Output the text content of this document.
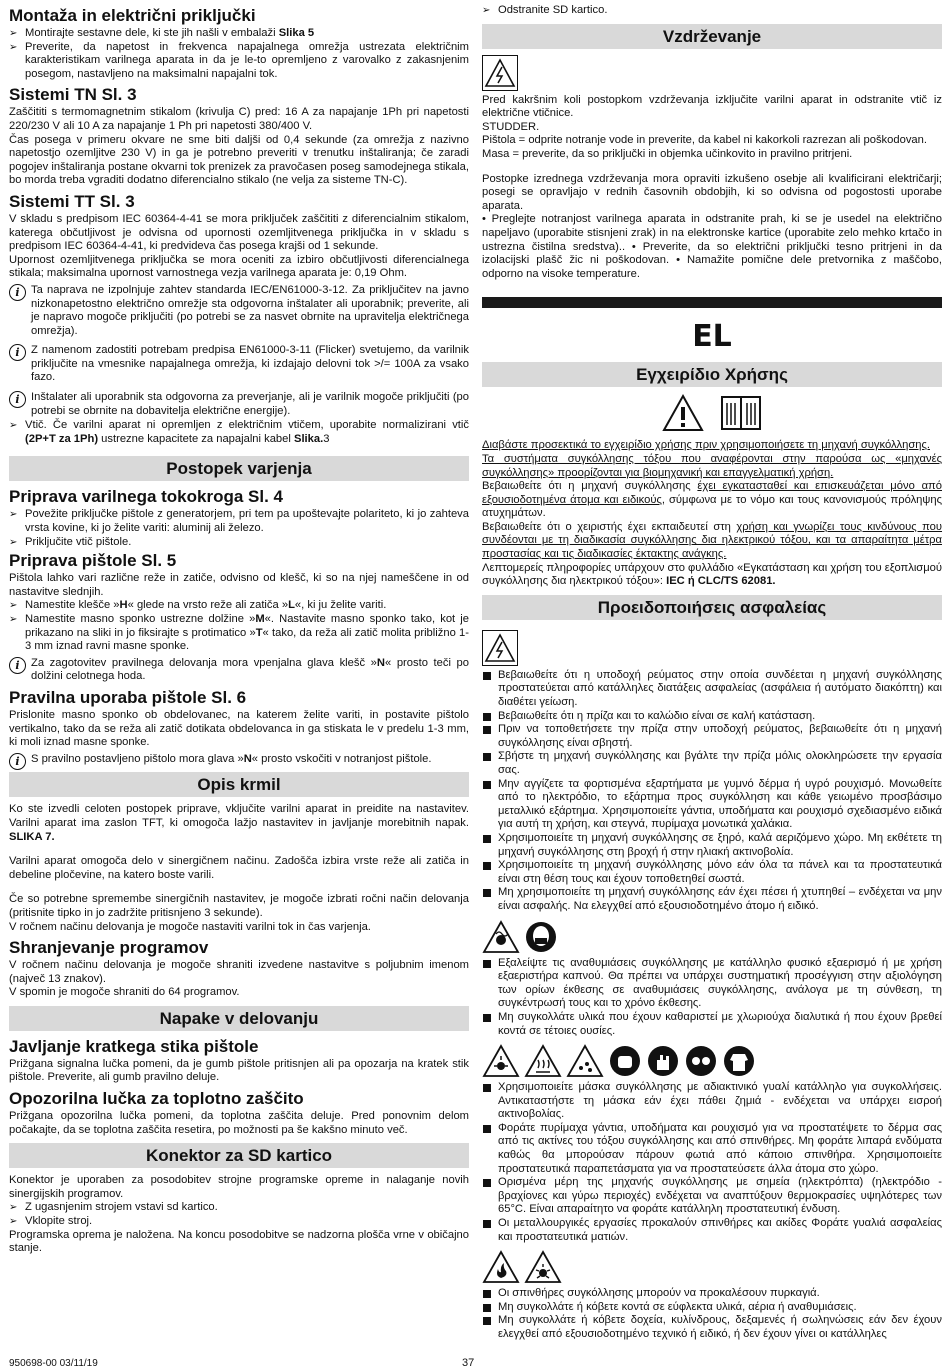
Montaža in električni priključki
➢ Montirajte sestavne dele, ki ste jih našli v embalaži Slika 5
➢ Preverite, da napetost in frekvenca napajalnega omrežja ustrezata električnim karakteristikam varilnega aparata in da je le-to opremljeno z varovalko z zakasnjenim posegom, nastavljeno na maksimalni napajalni tok.
Sistemi TN Sl. 3

Zaščititi s termomagnetnim stikalom (krivulja C) pred: 16 A za napajanje 1Ph pri napetosti 220/230 V ali 10 A za napajanje 1 Ph pri napetosti 380/400 V.

Čas posega v primeru okvare ne sme biti daljši od 0,4 sekunde (za omrežja z nazivno napetostjo ozemljitve 230 V) in ga je potrebno preveriti v trenutku inštaliranja; če zaradi pogojev inštaliranja postane okvarni tok prenizek za pravočasen poseg samodejnega stikala, bo morda treba vgraditi dodatno diferencialno stikalo (ne velja za sisteme TN-C).

Sistemi TT Sl. 3

V skladu s predpisom IEC 60364-4-41 se mora priključek zaščititi z diferencialnim stikalom, katerega občutljivost je odvisna od upornosti ozemljitvenega priključka in v skladu s predpisom IEC 60364-4-41, ki predvideva čas posega krajši od 1 sekunde.

Upornost ozemljitvenega priključka se mora oceniti za izbiro občutljivosti diferencialnega stikala; maksimalna upornost varnostnega vezja varilnega aparata je: 0,19 Ohm.

i	Ta naprava ne izpolnjuje zahtev standarda IEC/EN61000-3-12. Za priključitev na javno nizkonapetostno električno omrežje sta odgovorna inštalater ali uporabnik; preverite, ali je napravo mogoče priključiti (po potrebi se za nasvet obrnite na upravitelja električnega omrežja).
i	Z namenom zadostiti potrebam predpisa EN61000-3-11 (Flicker) svetujemo, da varilnik priključite na vmesnike napajalnega omrežja, ki izdajajo delovni tok >/= 100A za vsako fazo.
i	Inštalater ali uporabnik sta odgovorna za preverjanje, ali je varilnik mogoče priključiti (po potrebi se obrnite na dobavitelja električne energije).
➢ Vtič. Če varilni aparat ni opremljen z električnim vtičem, uporabite normalizirani vtič (2P+T za 1Ph) ustrezne kapacitete za napajalni kabel Slika.3
Postopek varjenja
Priprava varilnega tokokroga Sl. 4
➢ Povežite priključke pištole z generatorjem, pri tem pa upoštevajte polariteto, ki jo zahteva vrsta kovine, ki jo želite variti: aluminij ali železo.
➢ Priključite vtič pištole.
Priprava pištole Sl. 5

Pištola lahko vari različne reže in zatiče, odvisno od klešč, ki so na njej nameščene in od nastavitve slednjih.

➢ Namestite klešče »H« glede na vrsto reže ali zatiča »L«, ki ju želite variti.
➢ Namestite masno sponko ustrezne dolžine »M«. Nastavite masno sponko tako, kot je prikazano na sliki in jo fiksirajte s protimatico »T« tako, da reža ali zatič molita približno 1-3 mm iznad ravni masne sponke.
i	Za zagotovitev pravilnega delovanja mora vpenjalna glava klešč »N« prosto teči po dolžini celotnega hoda.
Pravilna uporaba pištole Sl. 6

Prislonite masno sponko ob obdelovanec, na katerem želite variti, in postavite pištolo vertikalno, tako da se reža ali zatič dotikata obdelovanca in ga stiskata le v predelu 1-3 mm, ki moli iznad masne sponke.

i	S pravilno postavljeno pištolo mora glava »N« prosto vskočiti v notranjost pištole.
Opis krmil

Ko ste izvedli celoten postopek priprave, vključite varilni aparat in preidite na nastavitev. Varilni aparat ima zaslon TFT, ki omogoča lažjo nastavitev in javljanje morebitnih napak. SLIKA 7.

Varilni aparat omogoča delo v sinergičnem načinu. Zadošča izbira vrste reže ali zatiča in debeline pločevine, na katero boste varili.

Če so potrebne spremembe sinergičnih nastavitev, je mogoče izbrati ročni način delovanja (pritisnite tipko in jo zadržite pritisnjeno 3 sekunde).

V ročnem načinu delovanja je mogoče nastaviti varilni tok in čas varjenja.

Shranjevanje programov

V ročnem načinu delovanja je mogoče shraniti izvedene nastavitve s poljubnim imenom (največ 13 znakov).

V spomin je mogoče shraniti do 64 programov.

Napake v delovanju
Javljanje kratkega stika pištole

Prižgana signalna lučka pomeni, da je gumb pištole pritisnjen ali pa opozarja na kratek stik pištole. Preverite, ali gumb pravilno deluje.

Opozorilna lučka za toplotno zaščito

Prižgana opozorilna lučka pomeni, da toplotna zaščita deluje. Pred ponovnim delom počakajte, da se toplotna zaščita resetira, po možnosti pa še kakšno minuto več.

Konektor za SD kartico

Konektor je uporaben za posodobitev strojne programske opreme in nalaganje novih sinergijskih programov.

➢ Z ugasnjenim strojem vstavi sd kartico.
➢ Vklopite stroj.

Programska oprema je naložena. Na koncu posodobitve se nadzorna plošča vrne v običajno stanje.

➢ Odstranite SD kartico.
Vzdrževanje

Pred kakršnim koli postopkom vzdrževanja izključite varilni aparat in odstranite vtič iz električne vtičnice.

STUDDER.

Pištola = odprite notranje vode in preverite, da kabel ni kakorkoli razrezan ali poškodovan.

Masa = preverite, da so priključki in objemka učinkovito in pravilno pritrjeni.

Postopke izrednega vzdrževanja mora opraviti izkušeno osebje ali kvalificirani električarji; posegi se opravljajo v rednih časovnih obdobjih, ki so odvisna od pogostosti uporabe aparata.

• Preglejte notranjost varilnega aparata in odstranite prah, ki se je usedel na električno napeljavo (uporabite stisnjeni zrak) in na elektronske kartice (uporabite zelo mehko krtačo in ustrezna čistilna sredstva).. • Preverite, da so električni priključki tesno pritrjeni in da izolacijski plašč žic ni poškodovan. • Namažite pomične dele pretvornika z maščobo, odporno na visoke temperature.

EL
Εγχειρίδιο Χρήσης

Διαβάστε προσεκτικά το εγχειρίδιο χρήσης πριν χρησιμοποιήσετε τη μηχανή συγκόλλησης.

Τα συστήματα συγκόλλησης τόξου που αναφέρονται στην παρούσα ως «μηχανές συγκόλλησης» προορίζονται για βιομηχανική και επαγγελματική χρήση.

Βεβαιωθείτε ότι η μηχανή συγκόλλησης έχει εγκατασταθεί και επισκευάζεται μόνο από εξουσιοδοτημένα άτομα και ειδικούς, σύμφωνα με το νόμο και τους κανονισμούς πρόληψης ατυχημάτων.

Βεβαιωθείτε ότι ο χειριστής έχει εκπαιδευτεί στη χρήση και γνωρίζει τους κινδύνους που συνδέονται με τη διαδικασία συγκόλλησης δια ηλεκτρικού τόξου, και τα απαραίτητα μέτρα προστασίας και τις διαδικασίες έκτακτης ανάγκης.

Λεπτομερείς πληροφορίες υπάρχουν στο φυλλάδιο «Εγκατάσταση και χρήση του εξοπλισμού συγκόλλησης δια ηλεκτρικού τόξου»: IEC ή CLC/TS 62081.

Προειδοποιήσεις ασφαλείας
Βεβαιωθείτε ότι η υποδοχή ρεύματος στην οποία συνδέεται η μηχανή συγκόλλησης προστατεύεται από κατάλληλες διατάξεις ασφαλείας (ασφάλεια ή αυτόματο διακόπτη) και διαθέτει γείωση.
Βεβαιωθείτε ότι η πρίζα και το καλώδιο είναι σε καλή κατάσταση.
Πριν να τοποθετήσετε την πρίζα στην υποδοχή ρεύματος, βεβαιωθείτε ότι η μηχανή συγκόλλησης είναι σβηστή.
Σβήστε τη μηχανή συγκόλλησης και βγάλτε την πρίζα μόλις ολοκληρώσετε την εργασία σας.
Μην αγγίζετε τα φορτισμένα εξαρτήματα με γυμνό δέρμα ή υγρό ρουχισμό. Μονωθείτε από το ηλεκτρόδιο, το εξάρτημα προς συγκόλληση και κάθε γειωμένο προσβάσιμο μεταλλικό εξάρτημα. Χρησιμοποιείτε γάντια, υποδήματα και ρουχισμό σχεδιασμένο ειδικά για αυτή τη χρήση, και στεγνά, πυρίμαχα μονωτικά χαλάκια.
Χρησιμοποιείτε τη μηχανή συγκόλλησης σε ξηρό, καλά αεριζόμενο χώρο. Μη εκθέτετε τη μηχανή συγκόλλησης στη βροχή ή στην ηλιακή ακτινοβολία.
Χρησιμοποιείτε τη μηχανή συγκόλλησης μόνο εάν όλα τα πάνελ και τα προστατευτικά είναι στη θέση τους και έχουν τοποθετηθεί σωστά.
Μη χρησιμοποιείτε τη μηχανή συγκόλλησης εάν έχει πέσει ή χτυπηθεί – ενδέχεται να μην είναι ασφαλής. Να ελεγχθεί από εξουσιοδοτημένο άτομο ή ειδικό.
Εξαλείψτε τις αναθυμιάσεις συγκόλλησης με κατάλληλο φυσικό εξαερισμό ή με χρήση εξαεριστήρα καπνού. Θα πρέπει να υπάρχει συστηματική προσέγγιση στην αξιολόγηση των ορίων έκθεσης σε αναθυμιάσεις συγκόλλησης, ανάλογα με τη σύνθεση, τη συγκέντρωσή τους και το χρόνο έκθεσης.
Μη συγκολλάτε υλικά που έχουν καθαριστεί με χλωριούχα διαλυτικά ή που έχουν βρεθεί κοντά σε τέτοιες ουσίες.
Χρησιμοποιείτε μάσκα συγκόλλησης με αδιακτινικό γυαλί κατάλληλο για συγκολλήσεις. Αντικαταστήστε τη μάσκα εάν έχει πάθει ζημιά - ενδέχεται να υπάρχει εισροή ακτινοβολίας.
Φοράτε πυρίμαχα γάντια, υποδήματα και ρουχισμό για να προστατέψετε το δέρμα σας από τις ακτίνες του τόξου συγκόλλησης και από σπινθήρες. Μη φοράτε λιπαρά ενδύματα καθώς θα μπορούσαν πάρουν φωτιά από κάποιο σπινθήρα. Χρησιμοποιείτε προστατευτικά παραπετάσματα για να προστατεύσετε άλλα άτομα στο χώρο.
Ορισμένα μέρη της μηχανής συγκόλλησης με σημεία (ηλεκτρόπτα) (ηλεκτρόδιο - βραχίονες και γύρω περιοχές) ενδέχεται να αναπτύξουν θερμοκρασίες υψηλότερες των 65°C. Είναι απαραίτητο να φοράτε κατάλληλη προστατευτική ένδυση.
Οι μεταλλουργικές εργασίες προκαλούν σπινθήρες και ακίδες Φοράτε γυαλιά ασφαλείας και προστατευτικά ματιών.
Οι σπινθήρες συγκόλλησης μπορούν να προκαλέσουν πυρκαγιά.
Μη συγκολλάτε ή κόβετε κοντά σε εύφλεκτα υλικά, αέρια ή αναθυμιάσεις.
Μη συγκολλάτε ή κόβετε δοχεία, κυλίνδρους, δεξαμενές ή σωληνώσεις εάν δεν έχουν ελεγχθεί από εξουσιοδοτημένο τεχνικό ή ειδικό, ή δεν έχουν γίνει οι κατάλληλες
950698-00 03/11/19	37
